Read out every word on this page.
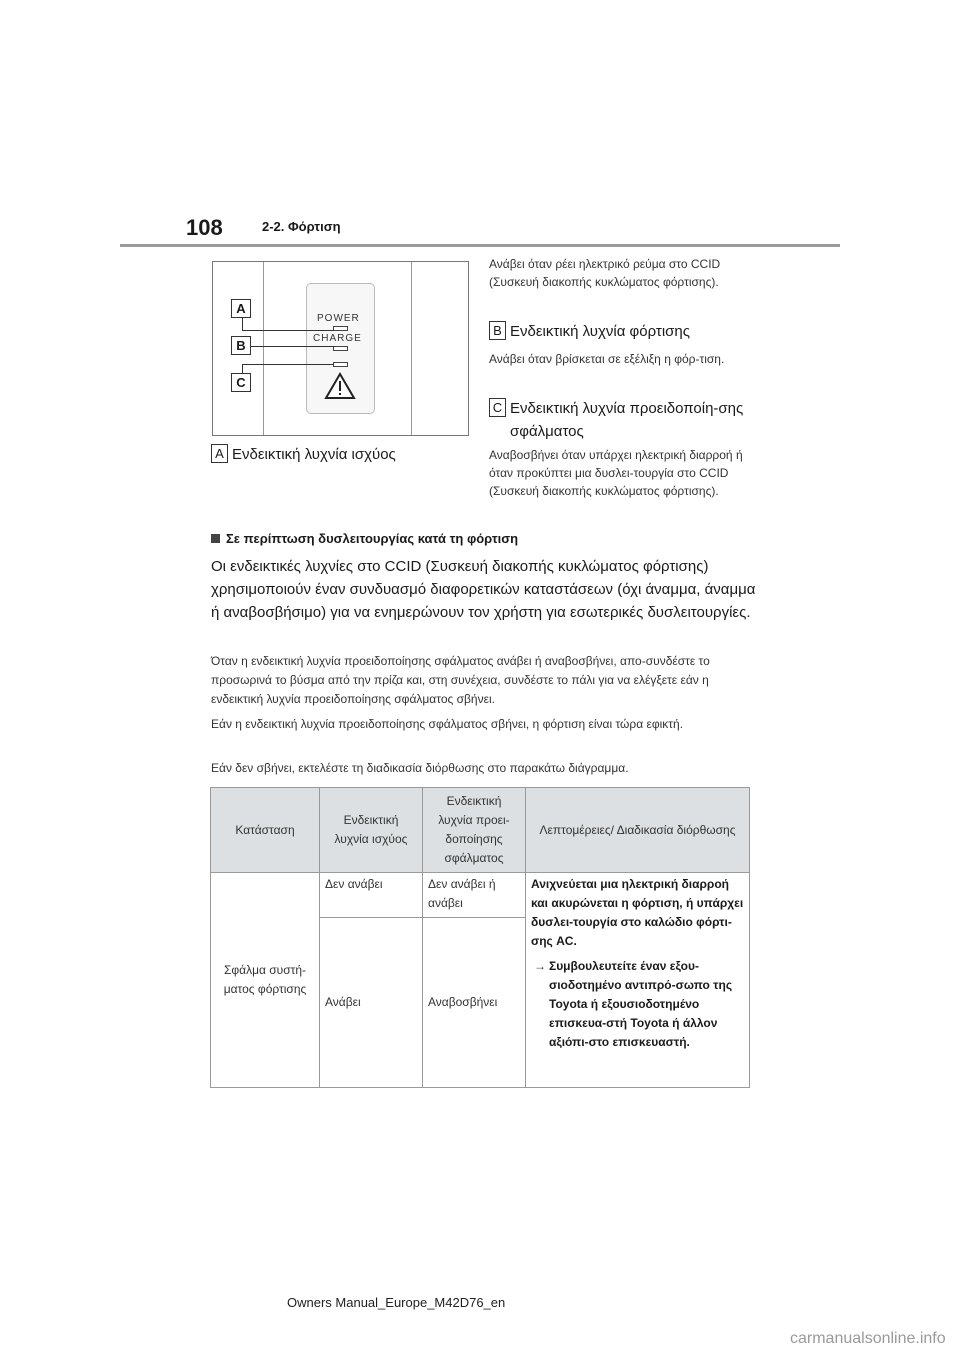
108	2-2. Φόρτιση
POWER
CHARGE
A
B
C
A Ενδεικτική λυχνία ισχύος
Ανάβει όταν ρέει ηλεκτρικό ρεύμα στο CCID (Συσκευή διακοπής κυκλώματος φόρτισης).
B Ενδεικτική λυχνία φόρτισης
Ανάβει όταν βρίσκεται σε εξέλιξη η φόρ-τιση.
C Ενδεικτική λυχνία προειδοποίη-σης σφάλματος
Αναβοσβήνει όταν υπάρχει ηλεκτρική διαρροή ή όταν προκύπτει μια δυσλει-τουργία στο CCID (Συσκευή διακοπής κυκλώματος φόρτισης).
Σε περίπτωση δυσλειτουργίας κατά τη φόρτιση
Οι ενδεικτικές λυχνίες στο CCID (Συσκευή διακοπής κυκλώματος φόρτισης) χρησιμοποιούν έναν συνδυασμό διαφορετικών καταστάσεων (όχι άναμμα, άναμμα ή αναβοσβήσιμο) για να ενημερώνουν τον χρήστη για εσωτερικές δυσλειτουργίες.
Όταν η ενδεικτική λυχνία προειδοποίησης σφάλματος ανάβει ή αναβοσβήνει, απο-συνδέστε το προσωρινά το βύσμα από την πρίζα και, στη συνέχεια, συνδέστε το πάλι για να ελέγξετε εάν η ενδεικτική λυχνία προειδοποίησης σφάλματος σβήνει.
Εάν η ενδεικτική λυχνία προειδοποίησης σφάλματος σβήνει, η φόρτιση είναι τώρα εφικτή.
Εάν δεν σβήνει, εκτελέστε τη διαδικασία διόρθωσης στο παρακάτω διάγραμμα.
Κατάσταση	Ενδεικτική λυχνία ισχύος	Ενδεικτική λυχνία προει-δοποίησης σφάλματος	Λεπτομέρειες/ Διαδικασία διόρθωσης
Σφάλμα συστή-ματος φόρτισης	Δεν ανάβει	Δεν ανάβει ή ανάβει	Ανιχνεύεται μια ηλεκτρική διαρροή και ακυρώνεται η φόρτιση, ή υπάρχει δυσλει-τουργία στο καλώδιο φόρτι-σης AC.
→ Συμβουλευτείτε έναν εξου-σιοδοτημένο αντιπρό-σωπο της Toyota ή εξουσιοδοτημένο επισκευα-στή Toyota ή άλλον αξιόπι-στο επισκευαστή.

	Ανάβει	Αναβοσβήνει	
Owners Manual_Europe_M42D76_en
carmanualsonline.info
